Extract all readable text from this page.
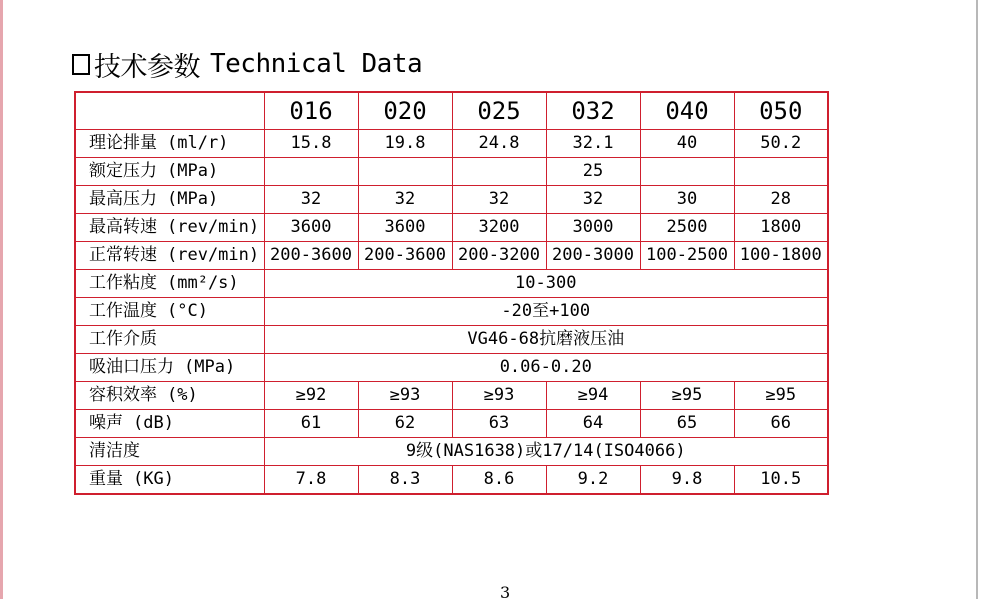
技术参数 Technical Data
	016	020	025	032	040	050
理论排量 (ml/r)	15.8	19.8	24.8	32.1	40	50.2
额定压力 (MPa)				25		
最高压力 (MPa)	32	32	32	32	30	28
最高转速 (rev/min)	3600	3600	3200	3000	2500	1800
正常转速 (rev/min)	200-3600	200-3600	200-3200	200-3000	100-2500	100-1800
工作粘度 (mm²/s)	10-300					
工作温度 (°C)	-20至+100					
工作介质	VG46-68抗磨液压油					
吸油口压力 (MPa)	0.06-0.20					
容积效率 (%)	≥92	≥93	≥93	≥94	≥95	≥95
噪声 (dB)	61	62	63	64	65	66
清洁度	9级(NAS1638)或17/14(ISO4066)					
重量 (KG)	7.8	8.3	8.6	9.2	9.8	10.5
3
